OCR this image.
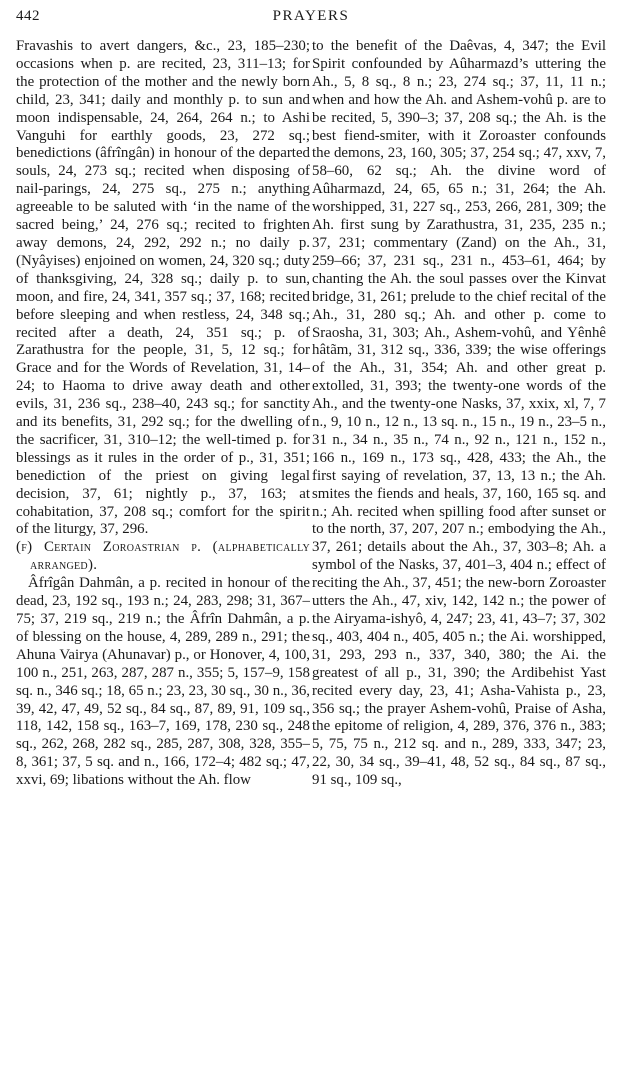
442	PRAYERS

Fravashis to avert dangers, &c., 23, 185–230; occasions when p. are recited, 23, 311–13; for the protection of the mother and the newly born child, 23, 341; daily and monthly p. to sun and moon indispensable, 24, 264, 264 n.; to Ashi Vanguhi for earthly goods, 23, 272 sq.; benedictions (âfrîngân) in honour of the departed souls, 24, 273 sq.; recited when disposing of nail-parings, 24, 275 sq., 275 n.; anything agreeable to be saluted with ‘in the name of the sacred being,’ 24, 276 sq.; recited to frighten away demons, 24, 292, 292 n.; no daily p. (Nyâyises) enjoined on women, 24, 320 sq.; duty of thanksgiving, 24, 328 sq.; daily p. to sun, moon, and fire, 24, 341, 357 sq.; 37, 168; recited before sleeping and when restless, 24, 348 sq.; recited after a death, 24, 351 sq.; p. of Zarathustra for the people, 31, 5, 12 sq.; for Grace and for the Words of Revelation, 31, 14–24; to Haoma to drive away death and other evils, 31, 236 sq., 238–40, 243 sq.; for sanctity and its benefits, 31, 292 sq.; for the dwelling of the sacrificer, 31, 310–12; the well-timed p. for blessings as it rules in the order of p., 31, 351; benediction of the priest on giving legal decision, 37, 61; nightly p., 37, 163; at cohabitation, 37, 208 sq.; comfort for the spirit of the liturgy, 37, 296.

(f) Certain Zoroastrian p. (alphabetically arranged).

Âfrîgân Dahmân, a p. recited in honour of the dead, 23, 192 sq., 193 n.; 24, 283, 298; 31, 367–75; 37, 219 sq., 219 n.; the Âfrîn Dahmân, a p. of blessing on the house, 4, 289, 289 n., 291; the Ahuna Vairya (Ahunavar) p., or Honover, 4, 100, 100 n., 251, 263, 287, 287 n., 355; 5, 157–9, 158 sq. n., 346 sq.; 18, 65 n.; 23, 23, 30 sq., 30 n., 36, 39, 42, 47, 49, 52 sq., 84 sq., 87, 89, 91, 109 sq., 118, 142, 158 sq., 163–7, 169, 178, 230 sq., 248 sq., 262, 268, 282 sq., 285, 287, 308, 328, 355–8, 361; 37, 5 sq. and n., 166, 172–4; 482 sq.; 47, xxvi, 69; libations without the Ah. flow

to the benefit of the Daêvas, 4, 347; the Evil Spirit confounded by Aûharmazd’s uttering the Ah., 5, 8 sq., 8 n.; 23, 274 sq.; 37, 11, 11 n.; when and how the Ah. and Ashem-vohû p. are to be recited, 5, 390–3; 37, 208 sq.; the Ah. is the best fiend-smiter, with it Zoroaster confounds the demons, 23, 160, 305; 37, 254 sq.; 47, xxv, 7, 58–60, 62 sq.; Ah. the divine word of Aûharmazd, 24, 65, 65 n.; 31, 264; the Ah. worshipped, 31, 227 sq., 253, 266, 281, 309; the Ah. first sung by Zarathustra, 31, 235, 235 n.; 37, 231; commentary (Zand) on the Ah., 31, 259–66; 37, 231 sq., 231 n., 453–61, 464; by chanting the Ah. the soul passes over the Kinvat bridge, 31, 261; prelude to the chief recital of the Ah., 31, 280 sq.; Ah. and other p. come to Sraosha, 31, 303; Ah., Ashem-vohû, and Yênhê hâtãm, 31, 312 sq., 336, 339; the wise offerings of the Ah., 31, 354; Ah. and other great p. extolled, 31, 393; the twenty-one words of the Ah., and the twenty-one Nasks, 37, xxix, xl, 7, 7 n., 9, 10 n., 12 n., 13 sq. n., 15 n., 19 n., 23–5 n., 31 n., 34 n., 35 n., 74 n., 92 n., 121 n., 152 n., 166 n., 169 n., 173 sq., 428, 433; the Ah., the first saying of revelation, 37, 13, 13 n.; the Ah. smites the fiends and heals, 37, 160, 165 sq. and n.; Ah. recited when spilling food after sunset or to the north, 37, 207, 207 n.; embodying the Ah., 37, 261; details about the Ah., 37, 303–8; Ah. a symbol of the Nasks, 37, 401–3, 404 n.; effect of reciting the Ah., 37, 451; the new-born Zoroaster utters the Ah., 47, xiv, 142, 142 n.; the power of the Airyama-ishyô, 4, 247; 23, 41, 43–7; 37, 302 sq., 403, 404 n., 405, 405 n.; the Ai. worshipped, 31, 293, 293 n., 337, 340, 380; the Ai. the greatest of all p., 31, 390; the Ardibehist Yast recited every day, 23, 41; Asha-Vahista p., 23, 356 sq.; the prayer Ashem-vohû, Praise of Asha, the epitome of religion, 4, 289, 376, 376 n., 383; 5, 75, 75 n., 212 sq. and n., 289, 333, 347; 23, 22, 30, 34 sq., 39–41, 48, 52 sq., 84 sq., 87 sq., 91 sq., 109 sq.,
